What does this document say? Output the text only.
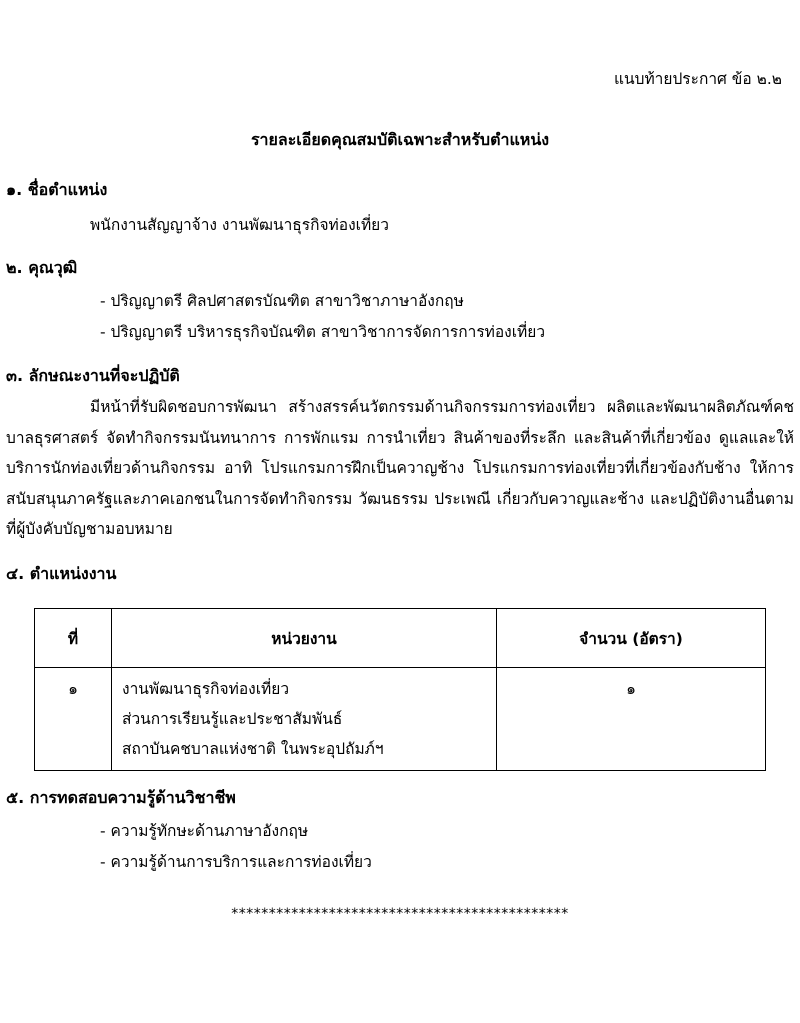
แนบท้ายประกาศ ข้อ ๒.๒
รายละเอียดคุณสมบัติเฉพาะสำหรับตำแหน่ง
๑. ชื่อตำแหน่ง
พนักงานสัญญาจ้าง งานพัฒนาธุรกิจท่องเที่ยว
๒. คุณวุฒิ
- ปริญญาตรี ศิลปศาสตรบัณฑิต สาขาวิชาภาษาอังกฤษ
- ปริญญาตรี บริหารธุรกิจบัณฑิต สาขาวิชาการจัดการการท่องเที่ยว
๓. ลักษณะงานที่จะปฏิบัติ
มีหน้าที่รับผิดชอบการพัฒนา สร้างสรรค์นวัตกรรมด้านกิจกรรมการท่องเที่ยว ผลิตและพัฒนาผลิตภัณฑ์คชบาลธุรศาสตร์ จัดทำกิจกรรมนันทนาการ การพักแรม การนำเที่ยว สินค้าของที่ระลึก และสินค้าที่เกี่ยวข้อง ดูแลและให้บริการนักท่องเที่ยวด้านกิจกรรม อาทิ โปรแกรมการฝึกเป็นควาญช้าง โปรแกรมการท่องเที่ยวที่เกี่ยวข้องกับช้าง ให้การสนับสนุนภาครัฐและภาคเอกชนในการจัดทำกิจกรรม วัฒนธรรม ประเพณี เกี่ยวกับควาญและช้าง และปฏิบัติงานอื่นตามที่ผู้บังคับบัญชามอบหมาย
๔. ตำแหน่งงาน
ที่	หน่วยงาน	จำนวน (อัตรา)
๑	งานพัฒนาธุรกิจท่องเที่ยว
ส่วนการเรียนรู้และประชาสัมพันธ์
สถาบันคชบาลแห่งชาติ ในพระอุปถัมภ์ฯ	๑
๕. การทดสอบความรู้ด้านวิชาชีพ
- ความรู้ทักษะด้านภาษาอังกฤษ
- ความรู้ด้านการบริการและการท่องเที่ยว
*********************************************
